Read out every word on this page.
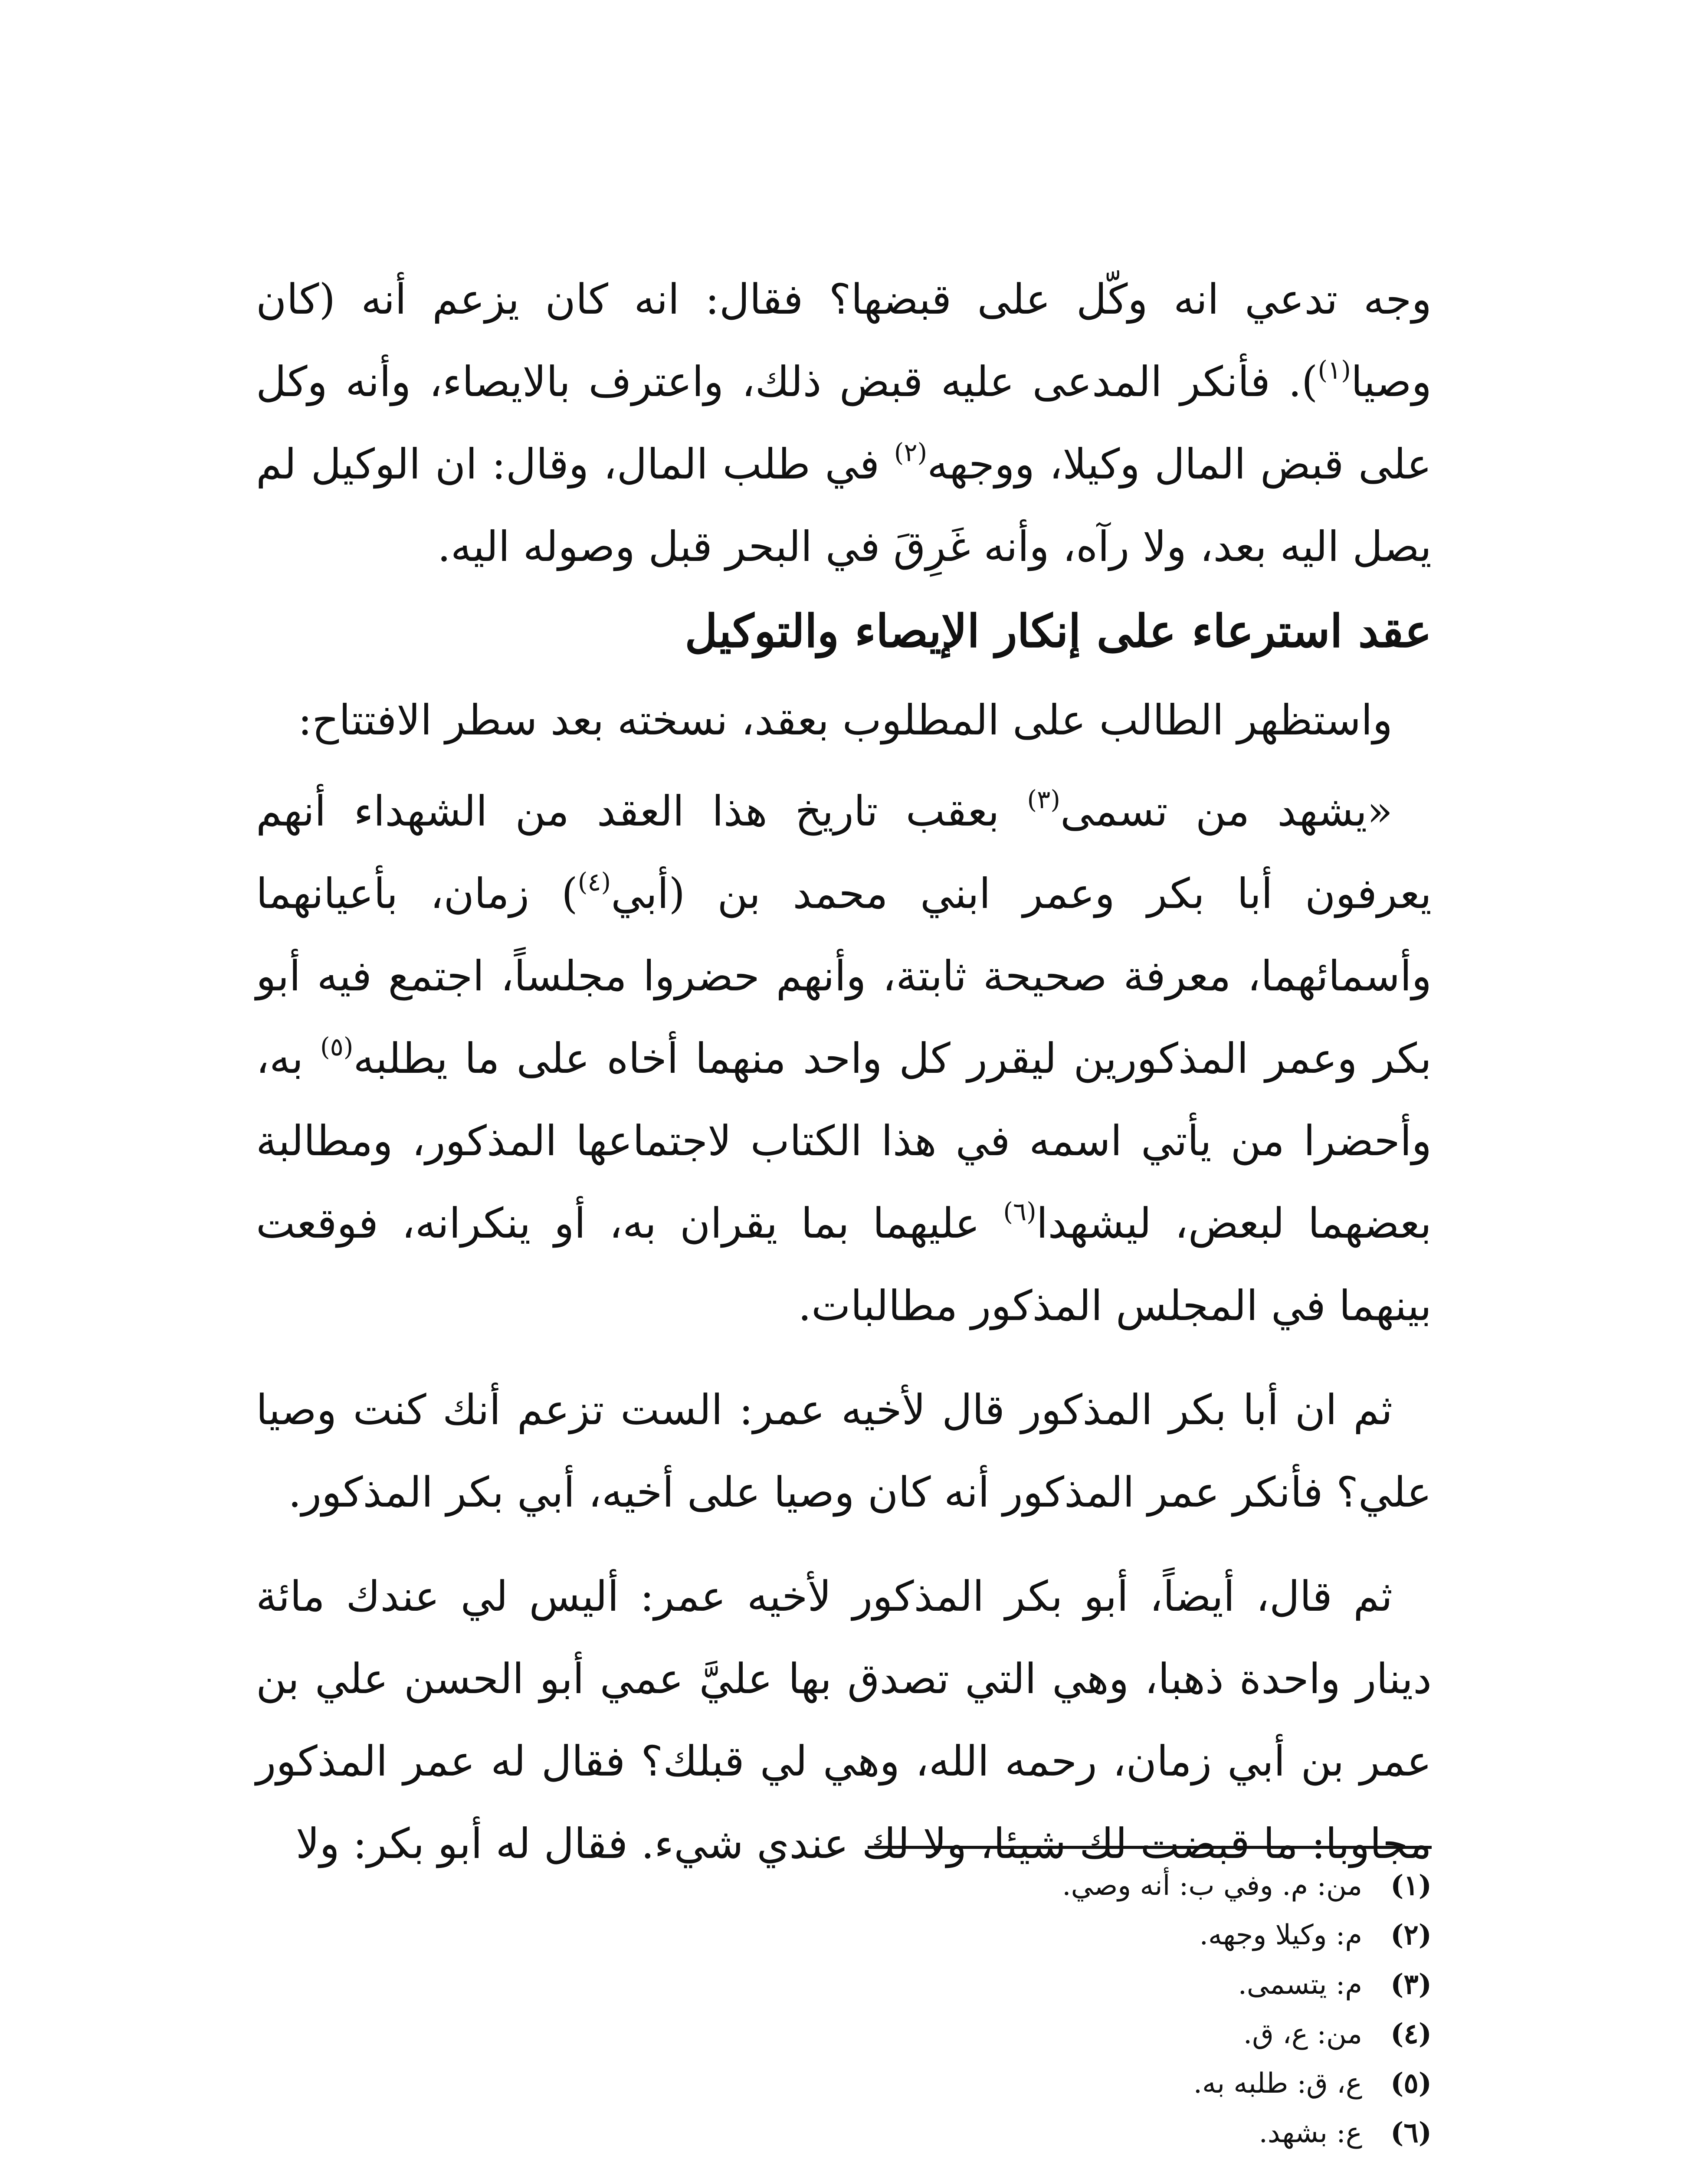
وجه تدعي انه وكّل على قبضها؟ فقال: انه كان يزعم أنه (كان وصيا$^{(١)}$). فأنكر المدعى عليه قبض ذلك، واعترف بالايصاء، وأنه وكل على قبض المال وكيلا، ووجهه$^{(٢)}$ في طلب المال، وقال: ان الوكيل لم يصل اليه بعد، ولا رآه، وأنه غَرِقَ في البحر قبل وصوله اليه.

عقد استرعاء على إنكار الإيصاء والتوكيل

واستظهر الطالب على المطلوب بعقد، نسخته بعد سطر الافتتاح:

«يشهد من تسمى$^{(٣)}$ بعقب تاريخ هذا العقد من الشهداء أنهم يعرفون أبا بكر وعمر ابني محمد بن (أبي$^{(٤)}$) زمان، بأعيانهما وأسمائهما، معرفة صحيحة ثابتة، وأنهم حضروا مجلساً، اجتمع فيه أبو بكر وعمر المذكورين ليقرر كل واحد منهما أخاه على ما يطلبه$^{(٥)}$ به، وأحضرا من يأتي اسمه في هذا الكتاب لاجتماعها المذكور، ومطالبة بعضهما لبعض، ليشهدا$^{(٦)}$ عليهما بما يقران به، أو ينكرانه، فوقعت بينهما في المجلس المذكور مطالبات.

ثم ان أبا بكر المذكور قال لأخيه عمر: الست تزعم أنك كنت وصيا علي؟ فأنكر عمر المذكور أنه كان وصيا على أخيه، أبي بكر المذكور.

ثم قال، أيضاً، أبو بكر المذكور لأخيه عمر: أليس لي عندك مائة دينار واحدة ذهبا، وهي التي تصدق بها عليَّ عمي أبو الحسن علي بن عمر بن أبي زمان، رحمه الله، وهي لي قبلك؟ فقال له عمر المذكور مجاوبا: ما قبضت لك شيئا، ولا لك عندي شيء. فقال له أبو بكر: ولا

(١)من: م. وفي ب: أنه وصي.
(٢)م: وكيلا وجهه.
(٣)م: يتسمى.
(٤)من: ع، ق.
(٥)ع، ق: طلبه به.
(٦)ع: بشهد.
